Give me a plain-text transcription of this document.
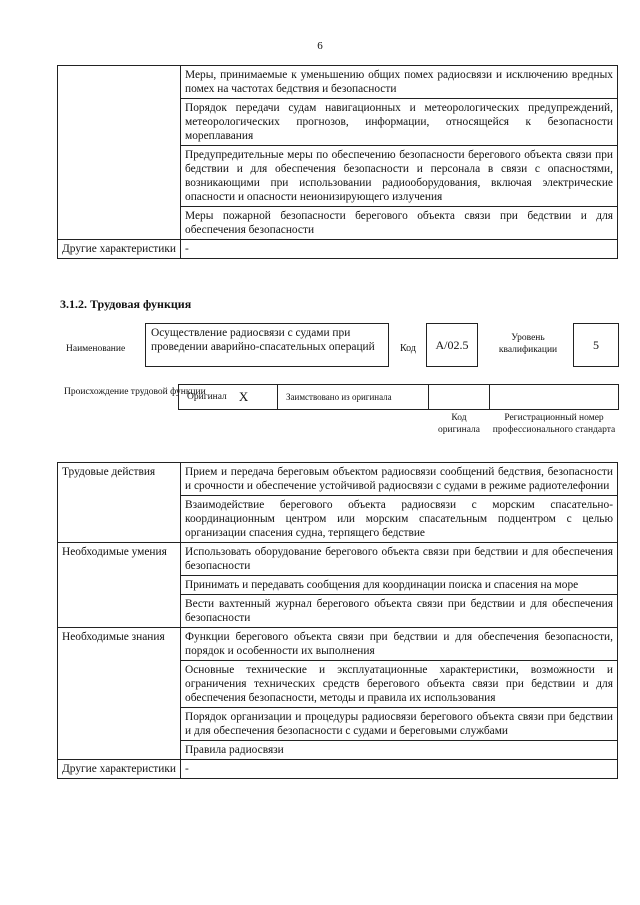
6
	Меры, принимаемые к уменьшению общих помех радиосвязи и исключению вредных помех на частотах бедствия и безопасности
	Порядок передачи судам навигационных и метеорологических предупреждений, метеорологических прогнозов, информации, относящейся к безопасности мореплавания
	Предупредительные меры по обеспечению безопасности берегового объекта связи при бедствии и для обеспечения безопасности и персонала в связи с опасностями, возникающими при использовании радиооборудования, включая электрические опасности и опасности неионизирующего излучения
	Меры пожарной безопасности берегового объекта связи при бедствии и для обеспечения безопасности
Другие характеристики	-
3.1.2. Трудовая функция
Наименование
Осуществление радиосвязи с судами при проведении аварийно-спасательных операций	Код	A/02.5	Уровень квалификации	5
Происхождение трудовой функции
Оригинал X	Заимствовано из оригинала
Код оригинала
Регистрационный номер профессионального стандарта
Трудовые действия	Прием и передача береговым объектом радиосвязи сообщений бедствия, безопасности и срочности и обеспечение устойчивой радиосвязи с судами в режиме радиотелефонии
	Взаимодействие берегового объекта радиосвязи с морским спасательно-координационным центром или морским спасательным подцентром с целью организации спасения судна, терпящего бедствие
Необходимые умения	Использовать оборудование берегового объекта связи при бедствии и для обеспечения безопасности
	Принимать и передавать сообщения для координации поиска и спасения на море
	Вести вахтенный журнал берегового объекта связи при бедствии и для обеспечения безопасности
Необходимые знания	Функции берегового объекта связи при бедствии и для обеспечения безопасности, порядок и особенности их выполнения
	Основные технические и эксплуатационные характеристики, возможности и ограничения технических средств берегового объекта связи при бедствии и для обеспечения безопасности, методы и правила их использования
	Порядок организации и процедуры радиосвязи берегового объекта связи при бедствии и для обеспечения безопасности с судами и береговыми службами
	Правила радиосвязи
Другие характеристики	-
